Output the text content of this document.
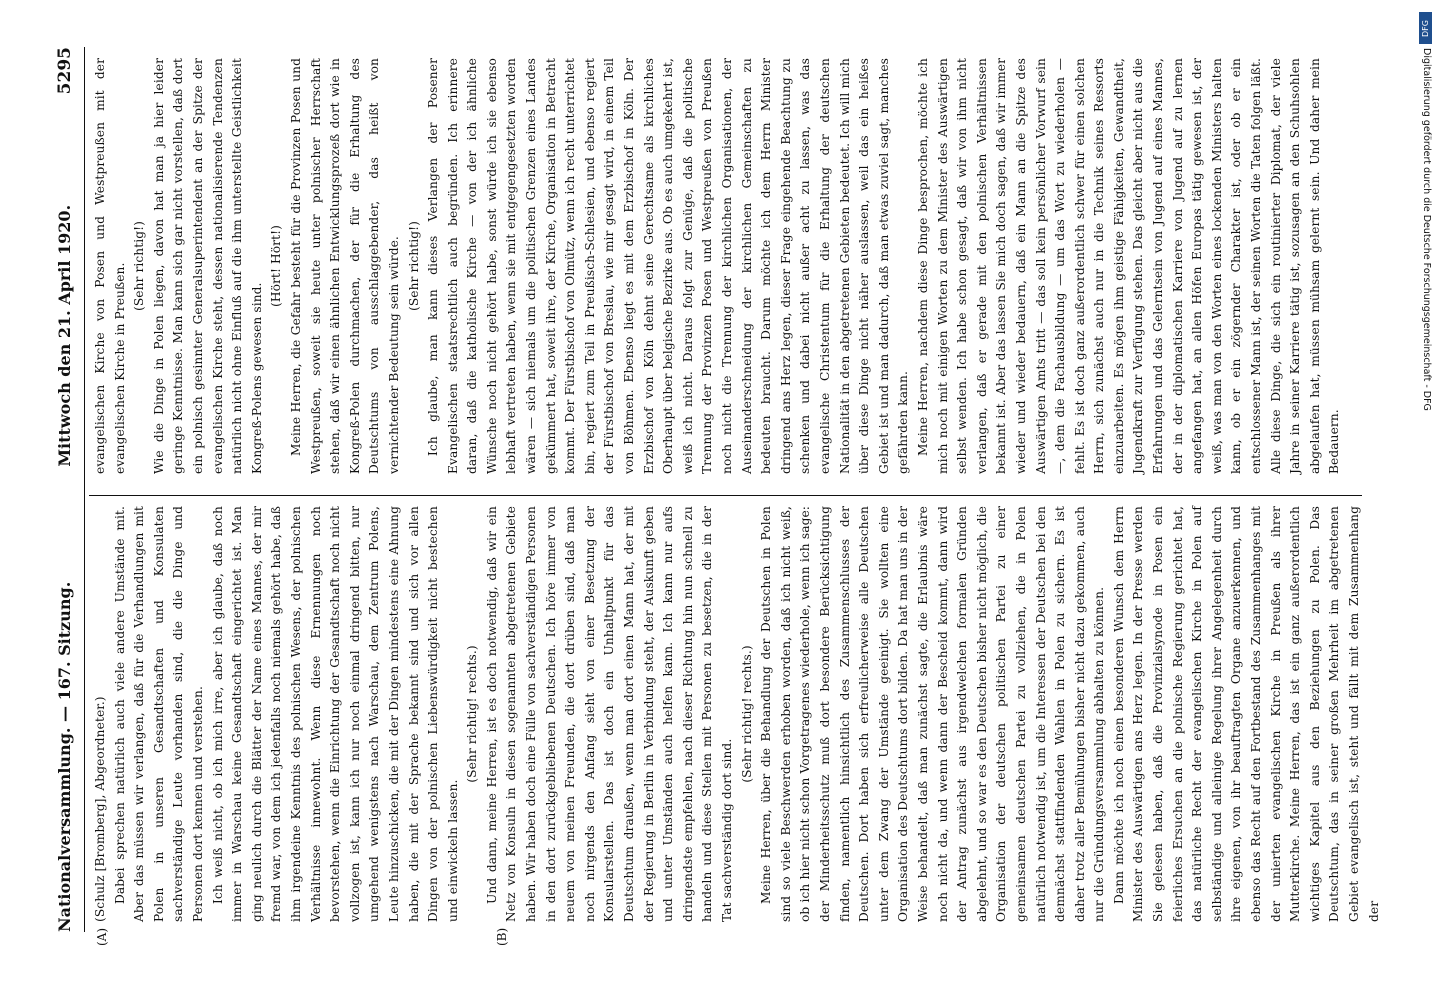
Nationalversammlung. — 167. Sitzung.
Mittwoch den 21. April 1920.
5295
(A)	(B)

(Schulz [Bromberg], Abgeordneter.) Dabei sprechen natürlich auch viele andere Umstände mit. Aber das müssen wir verlangen, daß für die Verhandlungen mit Polen in unseren Gesandtschaften und Konsulaten sachverständige Leute vorhanden sind, die die Dinge und Personen dort kennen und verstehen. Ich weiß nicht, ob ich mich irre, aber ich glaube, daß noch immer in Warschau keine Gesandtschaft eingerichtet ist. Man ging neulich durch die Blätter der Name eines Mannes, der mir fremd war, von dem ich jedenfalls noch niemals gehört habe, daß ihm irgendeine Kenntnis des polnischen Wesens, der polnischen Verhältnisse innewohnt. Wenn diese Ernennungen noch bevorstehen, wenn die Einrichtung der Gesandtschaft noch nicht vollzogen ist, kann ich nur noch einmal dringend bitten, nur umgehend wenigstens nach Warschau, dem Zentrum Polens, Leute hinzuschicken, die mit der Dingen mindestens eine Ahnung haben, die mit der Sprache bekannt sind und sich vor allen Dingen von der polnischen Liebenswürdigkeit nicht bestechen und einwickeln lassen.

(Sehr richtig! rechts.) Und dann, meine Herren, ist es doch notwendig, daß wir ein Netz von Konsuln in diesen sogenannten abgetretenen Gebiete haben. Wir haben doch eine Fülle von sachverständigen Personen in den dort zurückgebliebenen Deutschen. Ich höre immer von neuem von meinen Freunden, die dort drüben sind, daß man noch nirgends den Anfang sieht von einer Besetzung der Konsularstellen. Das ist doch ein Unhaltpunkt für das Deutschtum draußen, wenn man dort einen Mann hat, der mit der Regierung in Berlin in Verbindung steht, der Auskunft geben und unter Umständen auch helfen kann. Ich kann nur aufs dringendste empfehlen, nach dieser Richtung hin nun schnell zu handeln und diese Stellen mit Personen zu besetzen, die in der Tat sachverständig dort sind.

(Sehr richtig! rechts.) Meine Herren, über die Behandlung der Deutschen in Polen sind so viele Beschwerden erhoben worden, daß ich nicht weiß, ob ich hier nicht schon Vorgetragenes wiederhole, wenn ich sage: der Minderheitsschutz muß dort besondere Berücksichtigung finden, namentlich hinsichtlich des Zusammenschlusses der Deutschen. Dort haben sich erfreulicherweise alle Deutschen unter dem Zwang der Umstände geeinigt. Sie wollten eine Organisation des Deutschtums dort bilden. Da hat man uns in der Weise behandelt, daß man zunächst sagte, die Erlaubnis wäre noch nicht da, und wenn dann der Bescheid kommt, dann wird der Antrag zunächst aus irgendwelchen formalen Gründen abgelehnt, und so war es den Deutschen bisher nicht möglich, die Organisation der deutschen politischen Partei zu einer gemeinsamen deutschen Partei zu vollziehen, die in Polen natürlich notwendig ist, um die Interessen der Deutschen bei den demnächst stattfindenden Wahlen in Polen zu sichern. Es ist daher trotz aller Bemühungen bisher nicht dazu gekommen, auch nur die Gründungsversammlung abhalten zu können. Dann möchte ich noch einen besonderen Wunsch dem Herrn Minister des Auswärtigen ans Herz legen. In der Presse werden Sie gelesen haben, daß die Provinzialsynode in Posen ein feierliches Ersuchen an die polnische Regierung gerichtet hat, das natürliche Recht der evangelischen Kirche in Polen auf selbständige und alleinige Regelung ihrer Angelegenheit durch ihre eigenen, von ihr beauftragten Organe anzuerkennen, und ebenso das Recht auf den Fortbestand des Zusammenhanges mit der unierten evangelischen Kirche in Preußen als ihrer Mutterkirche. Meine Herren, das ist ein ganz außerordentlich wichtiges Kapitel aus den Beziehungen zu Polen. Das Deutschtum, das in seiner großen Mehrheit im abgetretenen Gebiet evangelisch ist, steht und fällt mit dem Zusammenhang der

evangelischen Kirche von Posen und Westpreußen mit der evangelischen Kirche in Preußen. (Sehr richtig!) Wie die Dinge in Polen liegen, davon hat man ja hier leider geringe Kenntnisse. Man kann sich gar nicht vorstellen, daß dort ein polnisch gesinnter Generalsuperintendent an der Spitze der evangelischen Kirche steht, dessen nationalisierende Tendenzen natürlich nicht ohne Einfluß auf die ihm unterstellte Geistlichkeit Kongreß-Polens gewesen sind.

(Hört! Hört!) Meine Herren, die Gefahr besteht für die Provinzen Posen und Westpreußen, soweit sie heute unter polnischer Herrschaft stehen, daß wir einen ähnlichen Entwicklungsprozeß dort wie in Kongreß-Polen durchmachen, der für die Erhaltung des Deutschtums von ausschlaggebender, das heißt von vernichtender Bedeutung sein würde. (Sehr richtig!) Ich glaube, man kann dieses Verlangen der Posener Evangelischen staatsrechtlich auch begründen. Ich erinnere daran, daß die katholische Kirche — von der ich ähnliche Wünsche noch nicht gehört habe, sonst würde ich sie ebenso lebhaft vertreten haben, wenn sie mit entgegengesetzten worden wären — sich niemals um die politischen Grenzen eines Landes gekümmert hat, soweit ihre, der Kirche, Organisation in Betracht kommt. Der Fürstbischof von Olmütz, wenn ich recht unterrichtet bin, regiert zum Teil in Preußisch-Schlesien, und ebenso regiert der Fürstbischof von Breslau, wie mir gesagt wird, in einem Teil von Böhmen. Ebenso liegt es mit dem Erzbischof in Köln. Der Erzbischof von Köln dehnt seine Gerechtsame als kirchliches Oberhaupt über belgische Bezirke aus. Ob es auch umgekehrt ist, weiß ich nicht. Daraus folgt zur Genüge, daß die politische Trennung der Provinzen Posen und Westpreußen von Preußen noch nicht die Trennung der kirchlichen Organisationen, der Auseinanderschneidung der kirchlichen Gemeinschaften zu bedeuten braucht. Darum möchte ich dem Herrn Minister dringend ans Herz legen, dieser Frage eingehende Beachtung zu schenken und dabei nicht außer acht zu lassen, was das evangelische Christentum für die Erhaltung der deutschen Nationalität in den abgetretenen Gebieten bedeutet. Ich will mich über diese Dinge nicht näher auslassen, weil das ein heißes Gebiet ist und man dadurch, daß man etwas zuviel sagt, manches gefährden kann. Meine Herren, nachdem diese Dinge besprochen, möchte ich mich noch mit einigen Worten zu dem Minister des Auswärtigen selbst wenden. Ich habe schon gesagt, daß wir von ihm nicht verlangen, daß er gerade mit den polnischen Verhältnissen bekannt ist. Aber das lassen Sie mich doch sagen, daß wir immer wieder und wieder bedauern, daß ein Mann an die Spitze des Auswärtigen Amts tritt — das soll kein persönlicher Vorwurf sein —, dem die Fachausbildung — um das Wort zu wiederholen — fehlt. Es ist doch ganz außerordentlich schwer für einen solchen Herrn, sich zunächst auch nur in die Technik seines Ressorts einzuarbeiten. Es mögen ihm geistige Fähigkeiten, Gewandtheit, Jugendkraft zur Verfügung stehen. Das gleicht aber nicht aus die Erfahrungen und das Gelerntsein von Jugend auf eines Mannes, der in der diplomatischen Karriere von Jugend auf zu lernen angefangen hat, an allen Höfen Europas tätig gewesen ist, der weiß, was man von den Worten eines lockenden Ministers halten kann, ob er ein zögernder Charakter ist, oder ob er ein entschlossener Mann ist, der seinen Worten die Taten folgen läßt. Alle diese Dinge, die sich ein routinierter Diplomat, der viele Jahre in seiner Karriere tätig ist, sozusagen an den Schuhsohlen abgelaufen hat, müssen mühsam gelernt sein. Und daher mein Bedauern.

DFG
Digitalisierung gefördert durch die Deutsche Forschungsgemeinschaft - DFG
